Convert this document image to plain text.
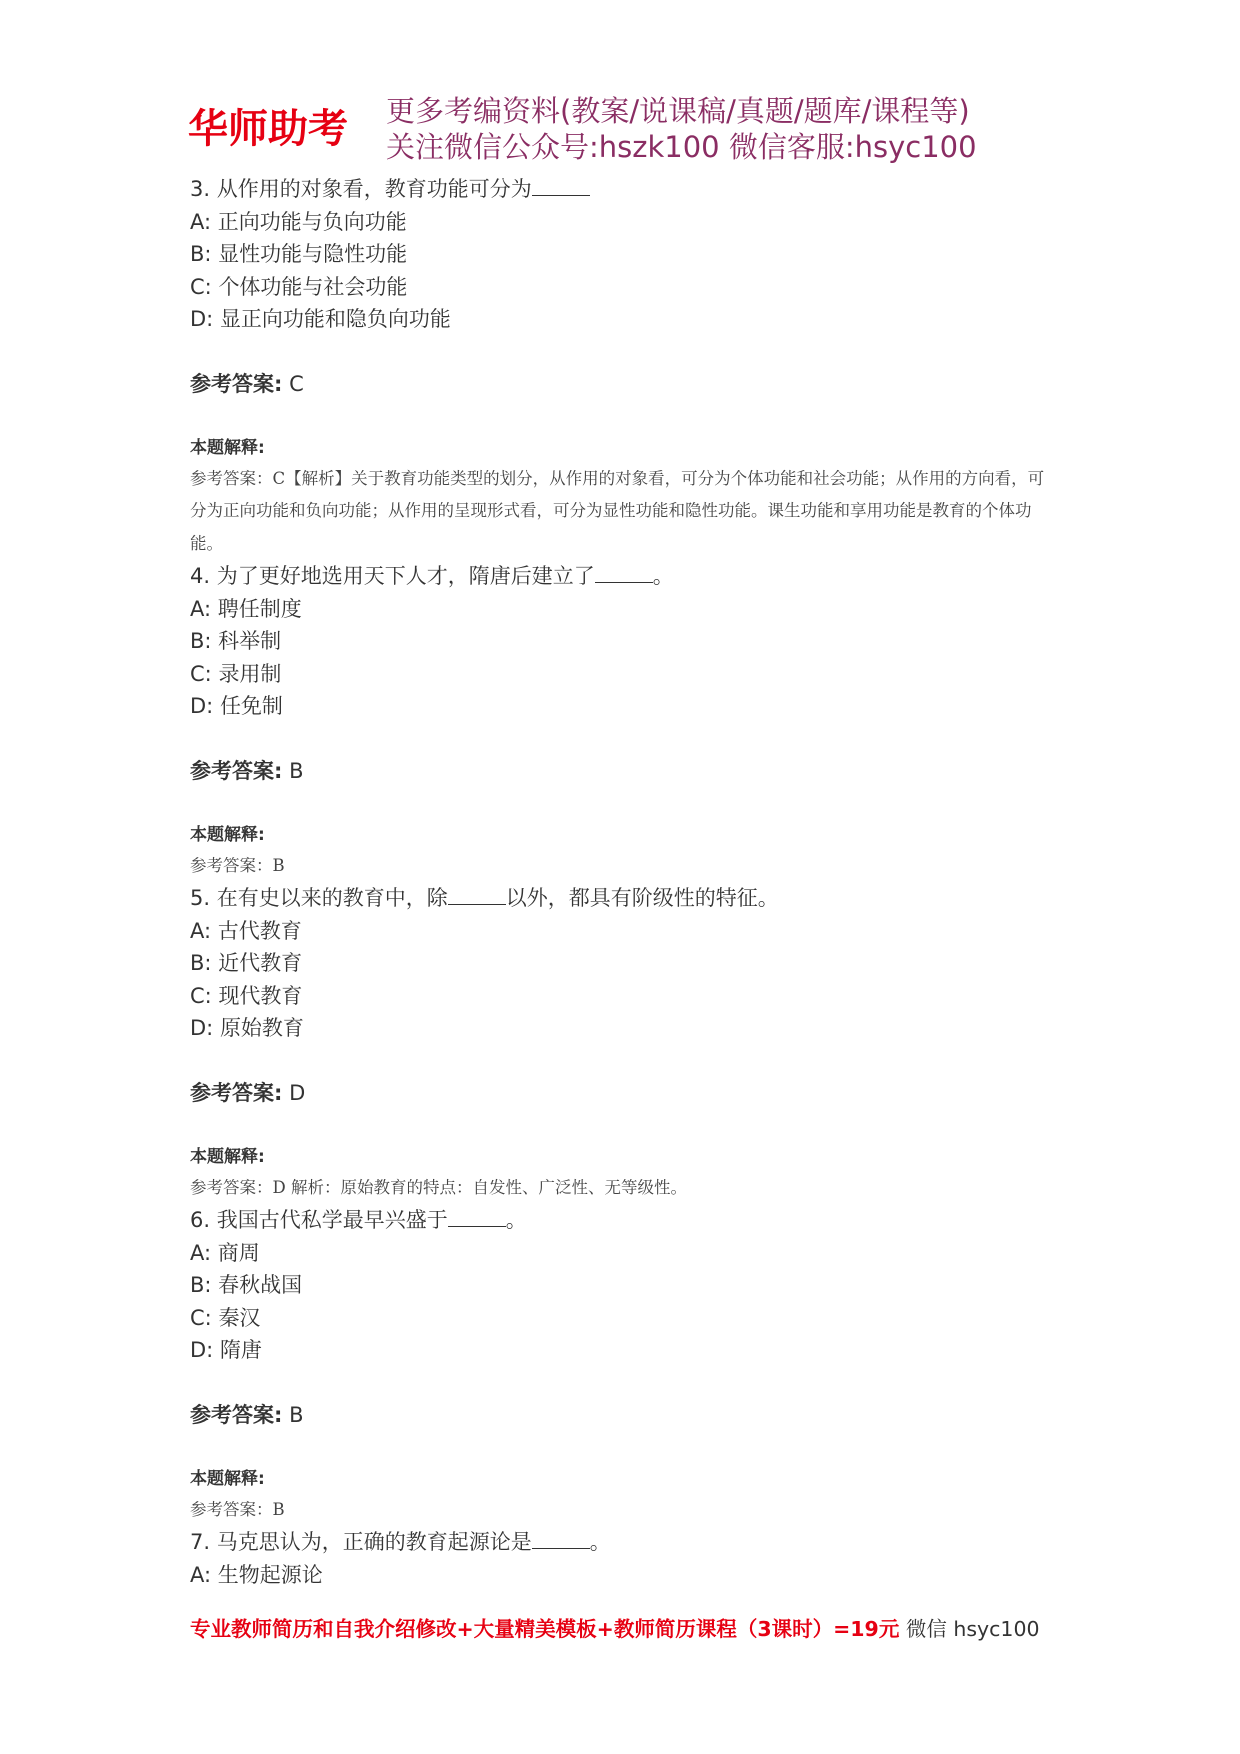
华师助考	更多考编资料(教案/说课稿/真题/题库/课程等)
关注微信公众号:hszk100 微信客服:hsyc100
3. 从作用的对象看，教育功能可分为
A: 正向功能与负向功能
B: 显性功能与隐性功能
C: 个体功能与社会功能
D: 显正向功能和隐负向功能
参考答案: C
本题解释:
参考答案：C【解析】关于教育功能类型的划分，从作用的对象看，可分为个体功能和社会功能；从作用的方向看，可分为正向功能和负向功能；从作用的呈现形式看，可分为显性功能和隐性功能。课生功能和享用功能是教育的个体功能。
4. 为了更好地选用天下人才，隋唐后建立了	。
A: 聘任制度
B: 科举制
C: 录用制
D: 任免制
参考答案: B
本题解释:
参考答案：B
5. 在有史以来的教育中，除	以外，都具有阶级性的特征。
A: 古代教育
B: 近代教育
C: 现代教育
D: 原始教育
参考答案: D
本题解释:
参考答案：D 解析：原始教育的特点：自发性、广泛性、无等级性。
6. 我国古代私学最早兴盛于	。
A: 商周
B: 春秋战国
C: 秦汉
D: 隋唐
参考答案: B
本题解释:
参考答案：B
7. 马克思认为，正确的教育起源论是	。
A: 生物起源论
专业教师简历和自我介绍修改+大量精美模板+教师简历课程（3课时）=19元 微信 hsyc100
